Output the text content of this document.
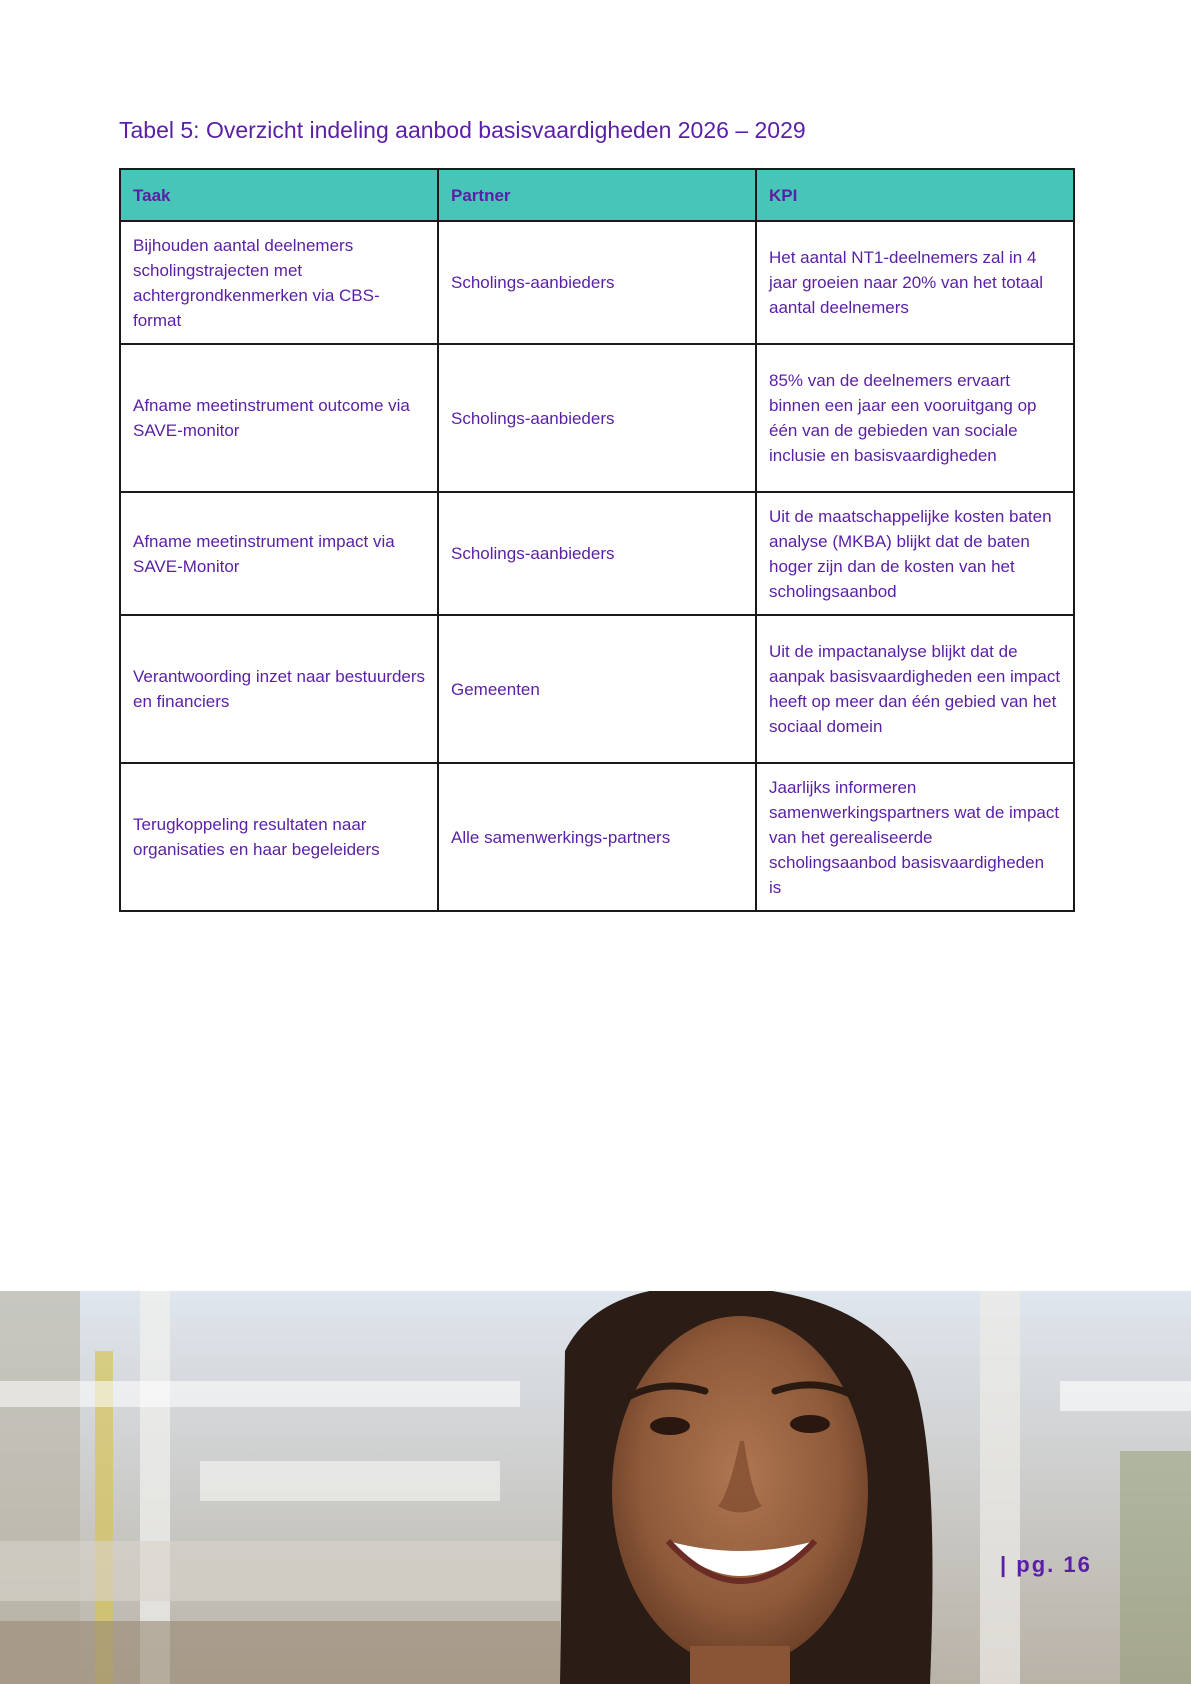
Tabel 5: Overzicht indeling aanbod basisvaardigheden 2026 – 2029
Taak	Partner	KPI
Bijhouden aantal deelnemers scholingstrajecten met achtergrondkenmerken via CBS-format	Scholings-aanbieders	Het aantal NT1-deelnemers zal in 4 jaar groeien naar 20% van het totaal aantal deelnemers
Afname meetinstrument outcome via SAVE-monitor	Scholings-aanbieders	85% van de deelnemers ervaart binnen een jaar een vooruitgang op één van de gebieden van sociale inclusie en basisvaardigheden
Afname meetinstrument impact via SAVE-Monitor	Scholings-aanbieders	Uit de maatschappelijke kosten baten analyse (MKBA) blijkt dat de baten hoger zijn dan de kosten van het scholingsaanbod
Verantwoording inzet naar bestuurders en financiers	Gemeenten	Uit de impactanalyse blijkt dat de aanpak basisvaardigheden een impact heeft op meer dan één gebied van het sociaal domein
Terugkoppeling resultaten naar organisaties en haar begeleiders	Alle samenwerkings-partners	Jaarlijks informeren samenwerkingspartners wat de impact van het gerealiseerde scholingsaanbod basisvaardigheden is
| pg. 16
